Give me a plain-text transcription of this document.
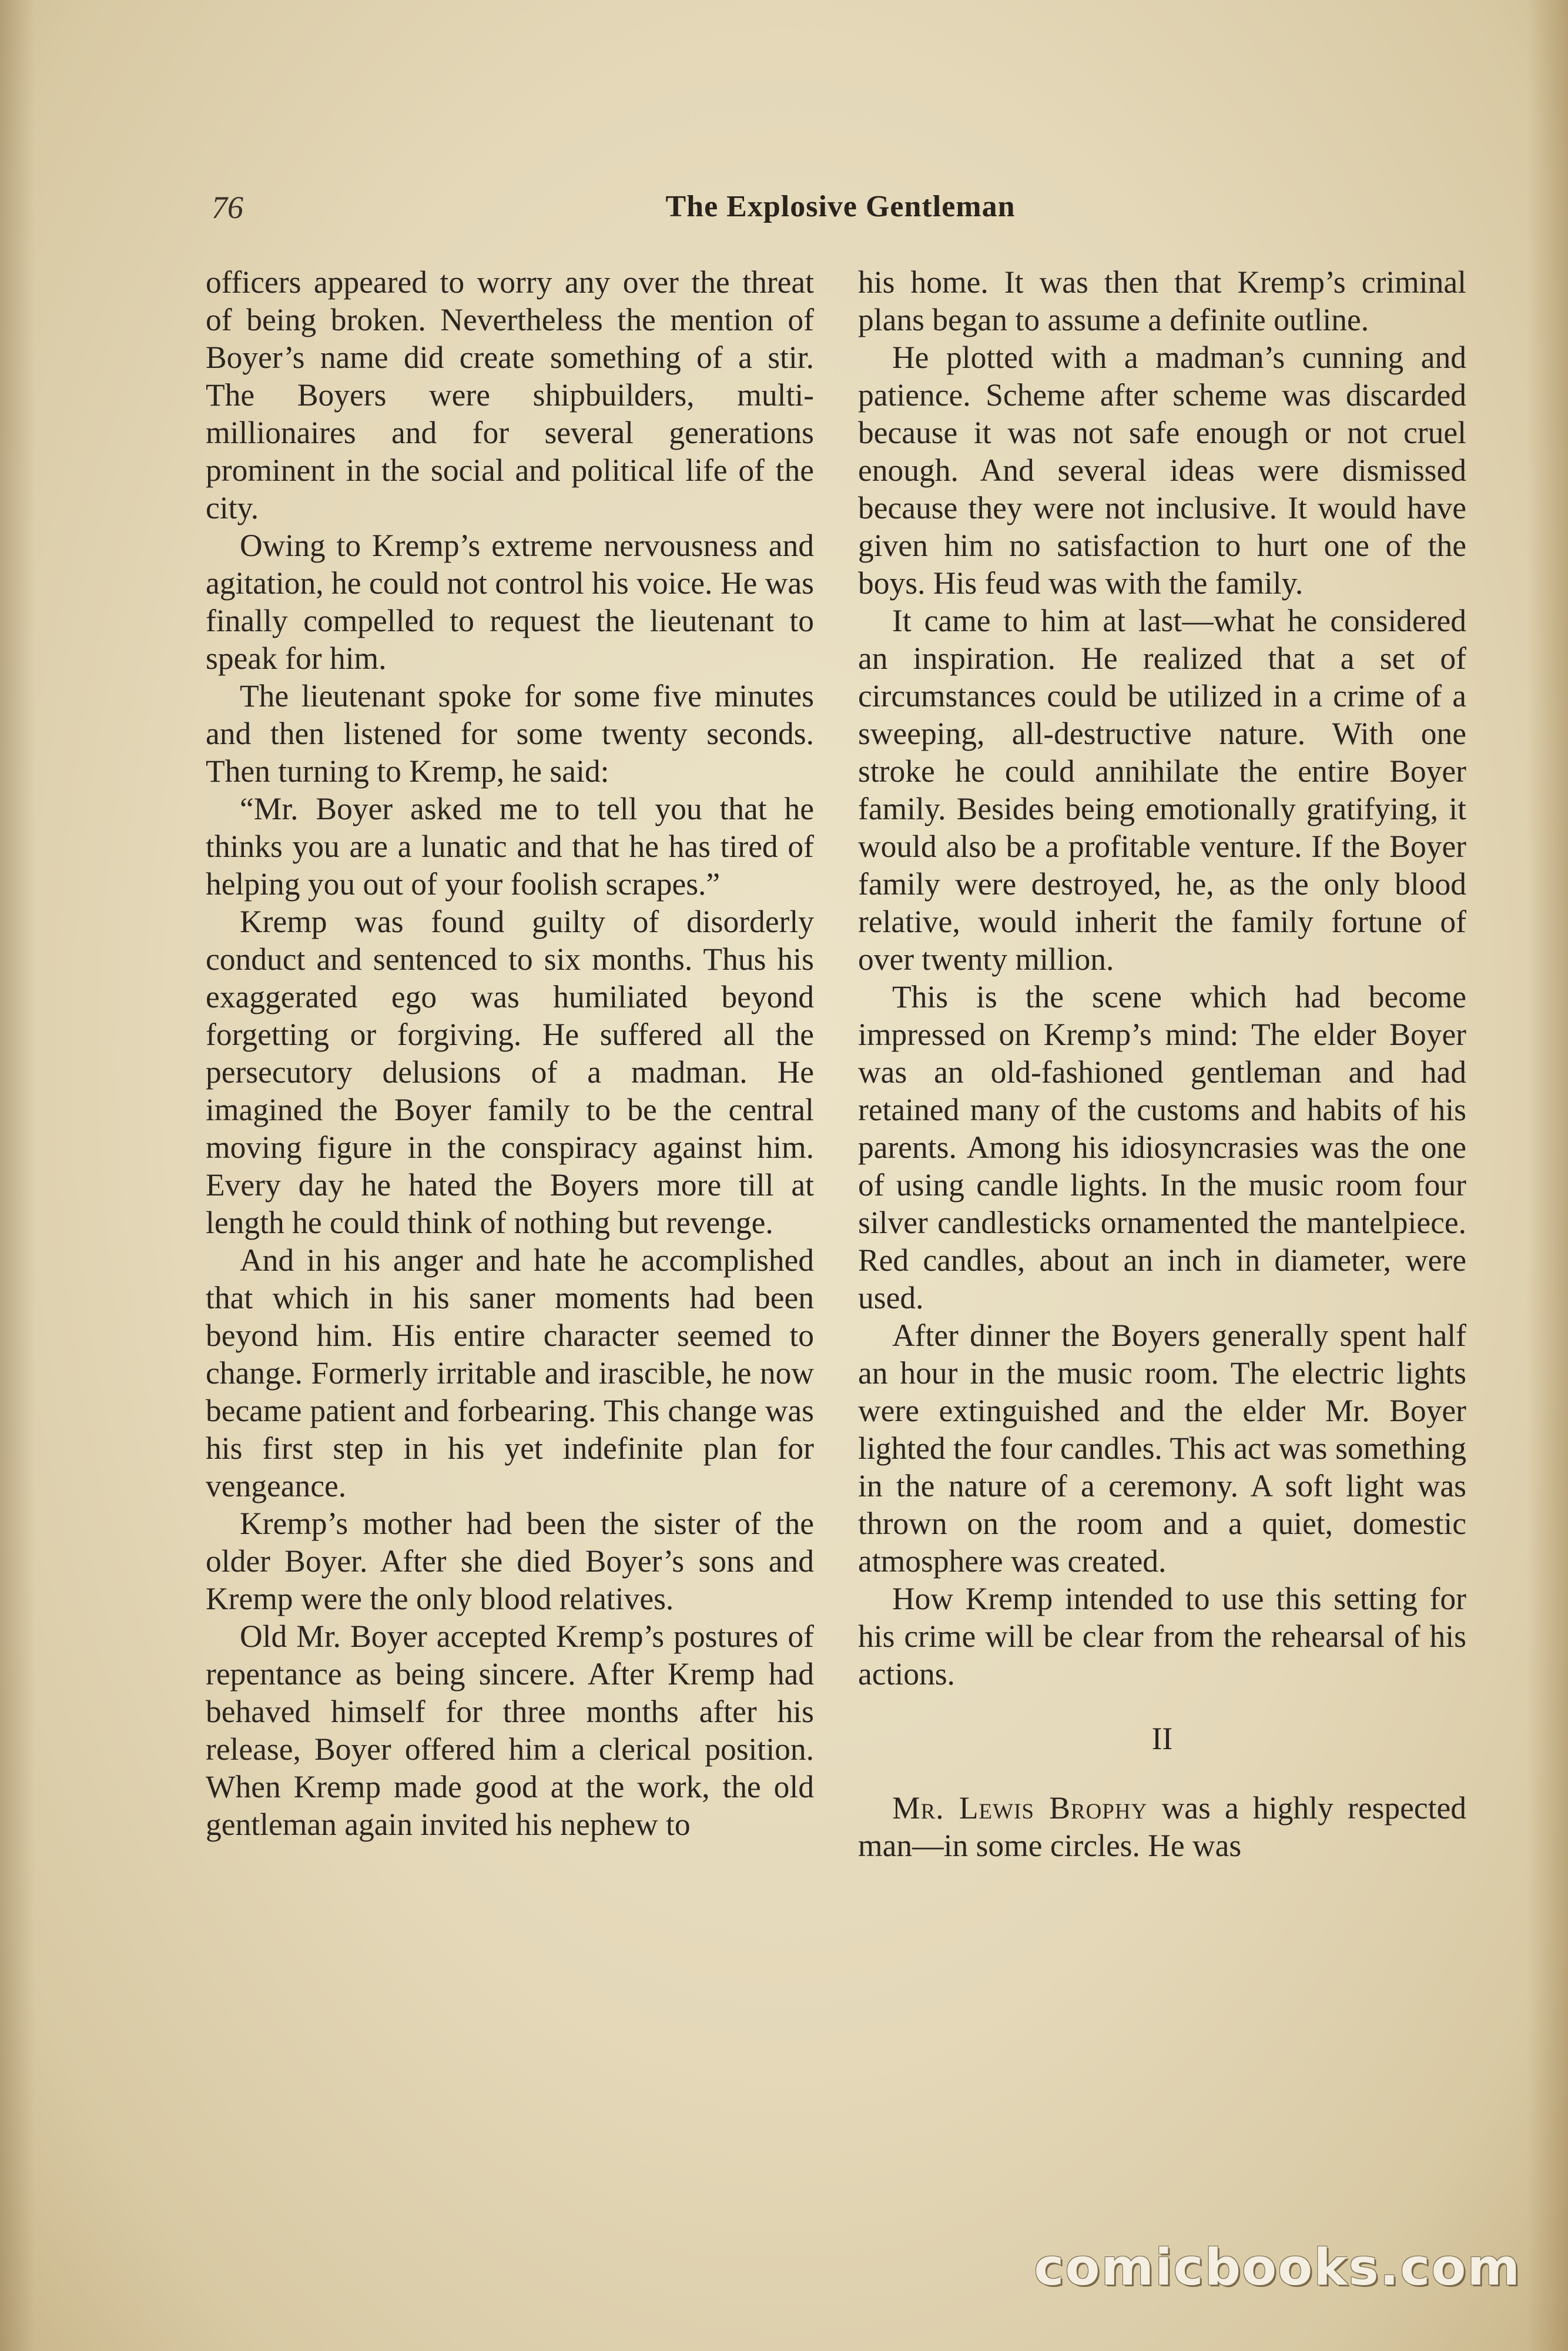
The Explosive Gentleman
76

officers appeared to worry any over the threat of being broken. Nevertheless the mention of Boyer’s name did create something of a stir. The Boyers were shipbuilders, multi-millionaires and for several generations prominent in the social and political life of the city.

Owing to Kremp’s extreme nervousness and agitation, he could not control his voice. He was finally compelled to request the lieutenant to speak for him.

The lieutenant spoke for some five minutes and then listened for some twenty seconds. Then turning to Kremp, he said:

“Mr. Boyer asked me to tell you that he thinks you are a lunatic and that he has tired of helping you out of your foolish scrapes.”

Kremp was found guilty of disorderly conduct and sentenced to six months. Thus his exaggerated ego was humiliated beyond forgetting or forgiving. He suffered all the persecutory delusions of a madman. He imagined the Boyer family to be the central moving figure in the conspiracy against him. Every day he hated the Boyers more till at length he could think of nothing but revenge.

And in his anger and hate he accomplished that which in his saner moments had been beyond him. His entire character seemed to change. Formerly irritable and irascible, he now became patient and forbearing. This change was his first step in his yet indefinite plan for vengeance.

Kremp’s mother had been the sister of the older Boyer. After she died Boyer’s sons and Kremp were the only blood relatives.

Old Mr. Boyer accepted Kremp’s postures of repentance as being sincere. After Kremp had behaved himself for three months after his release, Boyer offered him a clerical position. When Kremp made good at the work, the old gentleman again invited his nephew to

his home. It was then that Kremp’s criminal plans began to assume a definite outline.

He plotted with a madman’s cunning and patience. Scheme after scheme was discarded because it was not safe enough or not cruel enough. And several ideas were dismissed because they were not inclusive. It would have given him no satisfaction to hurt one of the boys. His feud was with the family.

It came to him at last—what he considered an inspiration. He realized that a set of circumstances could be utilized in a crime of a sweeping, all-destructive nature. With one stroke he could annihilate the entire Boyer family. Besides being emotionally gratifying, it would also be a profitable venture. If the Boyer family were destroyed, he, as the only blood relative, would inherit the family fortune of over twenty million.

This is the scene which had become impressed on Kremp’s mind: The elder Boyer was an old-fashioned gentleman and had retained many of the customs and habits of his parents. Among his idiosyncrasies was the one of using candle lights. In the music room four silver candlesticks ornamented the mantelpiece. Red candles, about an inch in diameter, were used.

After dinner the Boyers generally spent half an hour in the music room. The electric lights were extinguished and the elder Mr. Boyer lighted the four candles. This act was something in the nature of a ceremony. A soft light was thrown on the room and a quiet, domestic atmosphere was created.

How Kremp intended to use this setting for his crime will be clear from the rehearsal of his actions.

II

Mr. Lewis Brophy was a highly respected man—in some circles. He was

comicbooks.com
